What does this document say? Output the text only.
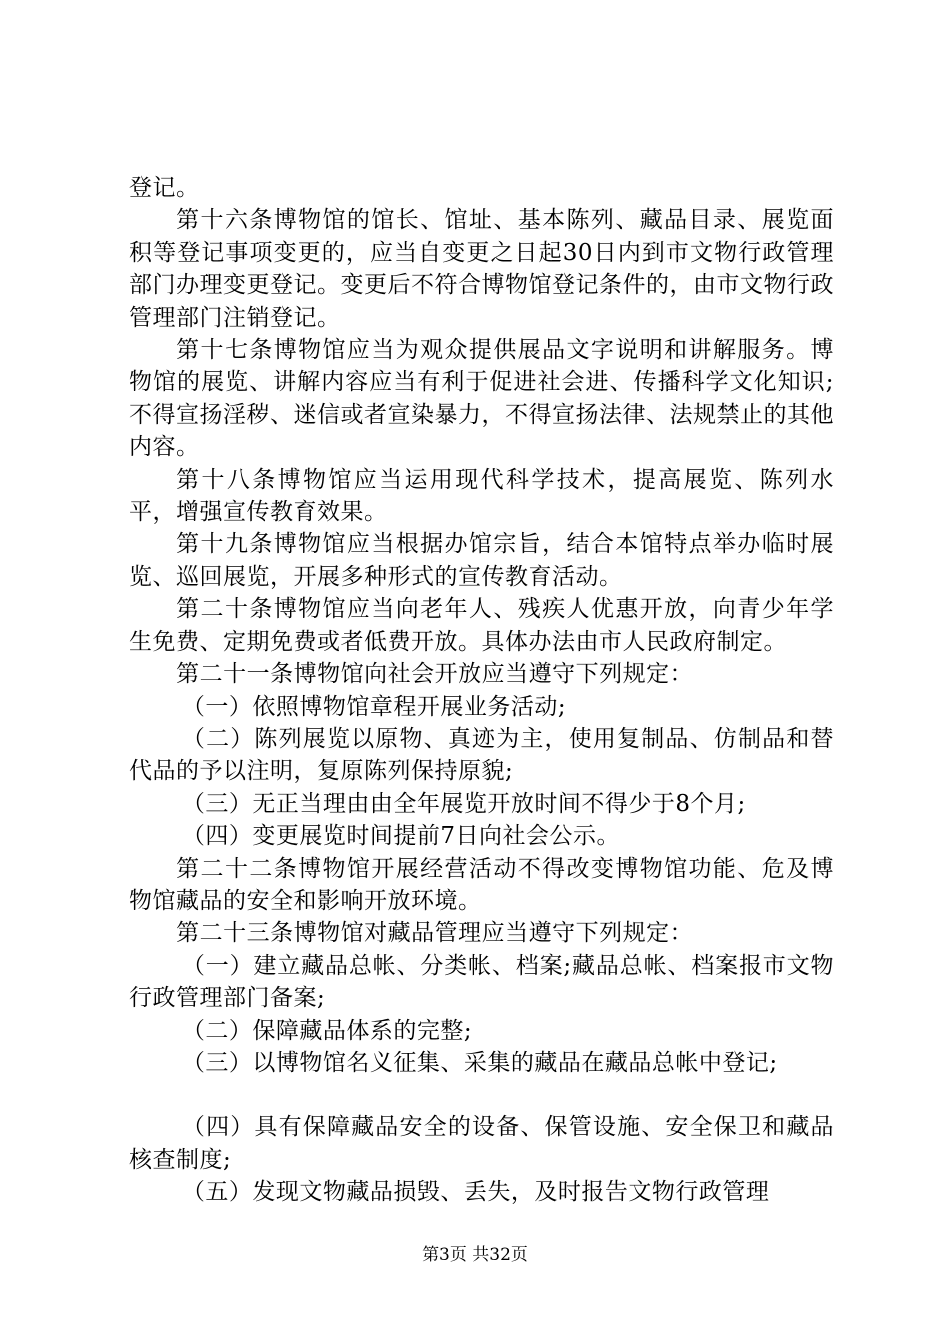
登记。

第十六条博物馆的馆长、馆址、基本陈列、藏品目录、展览面积等登记事项变更的，应当自变更之日起30日内到市文物行政管理部门办理变更登记。变更后不符合博物馆登记条件的，由市文物行政管理部门注销登记。

第十七条博物馆应当为观众提供展品文字说明和讲解服务。博物馆的展览、讲解内容应当有利于促进社会进、传播科学文化知识;不得宣扬淫秽、迷信或者宣染暴力，不得宣扬法律、法规禁止的其他内容。

第十八条博物馆应当运用现代科学技术，提高展览、陈列水平，增强宣传教育效果。

第十九条博物馆应当根据办馆宗旨，结合本馆特点举办临时展览、巡回展览，开展多种形式的宣传教育活动。

第二十条博物馆应当向老年人、残疾人优惠开放，向青少年学生免费、定期免费或者低费开放。具体办法由市人民政府制定。

第二十一条博物馆向社会开放应当遵守下列规定：

（一）依照博物馆章程开展业务活动;

（二）陈列展览以原物、真迹为主，使用复制品、仿制品和替代品的予以注明，复原陈列保持原貌;

（三）无正当理由由全年展览开放时间不得少于8个月;

（四）变更展览时间提前7日向社会公示。

第二十二条博物馆开展经营活动不得改变博物馆功能、危及博物馆藏品的安全和影响开放环境。

第二十三条博物馆对藏品管理应当遵守下列规定：

（一）建立藏品总帐、分类帐、档案;藏品总帐、档案报市文物行政管理部门备案;

（二）保障藏品体系的完整;

（三）以博物馆名义征集、采集的藏品在藏品总帐中登记;

（四）具有保障藏品安全的设备、保管设施、安全保卫和藏品核查制度;

（五）发现文物藏品损毁、丢失，及时报告文物行政管理

第3页 共32页
